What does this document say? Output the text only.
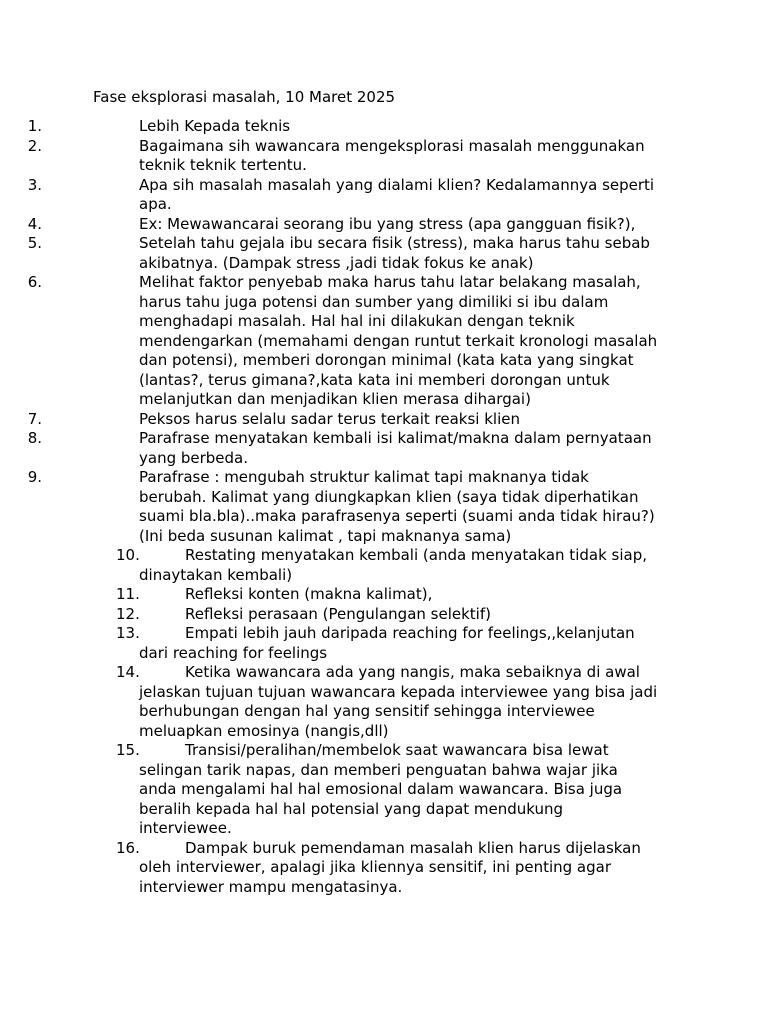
Fase eksplorasi masalah, 10 Maret 2025
1.	Lebih Kepada teknis
2.	Bagaimana sih wawancara mengeksplorasi masalah menggunakan
teknik teknik tertentu.
3.	Apa sih masalah masalah yang dialami klien? Kedalamannya seperti
apa.
4.	Ex: Mewawancarai seorang ibu yang stress (apa gangguan fisik?),
5.	Setelah tahu gejala ibu secara fisik (stress), maka harus tahu sebab
akibatnya. (Dampak stress ,jadi tidak fokus ke anak)
6.	Melihat faktor penyebab maka harus tahu latar belakang masalah,
harus tahu juga potensi dan sumber yang dimiliki si ibu dalam
menghadapi masalah. Hal hal ini dilakukan dengan teknik
mendengarkan (memahami dengan runtut terkait kronologi masalah
dan potensi), memberi dorongan minimal (kata kata yang singkat
(lantas?, terus gimana?,kata kata ini memberi dorongan untuk
melanjutkan dan menjadikan klien merasa dihargai)
7.	Peksos harus selalu sadar terus terkait reaksi klien
8.	Parafrase menyatakan kembali isi kalimat/makna dalam pernyataan
yang berbeda.
9.	Parafrase : mengubah struktur kalimat tapi maknanya tidak
berubah. Kalimat yang diungkapkan klien (saya tidak diperhatikan
suami bla.bla)..maka parafrasenya seperti (suami anda tidak hirau?)
(Ini beda susunan kalimat , tapi maknanya sama)
10.	Restating menyatakan kembali (anda menyatakan tidak siap,
dinaytakan kembali)
11.	Refleksi konten (makna kalimat),
12.	Refleksi perasaan (Pengulangan selektif)
13.	Empati lebih jauh daripada reaching for feelings,,kelanjutan
dari reaching for feelings
14.	Ketika wawancara ada yang nangis, maka sebaiknya di awal
jelaskan tujuan tujuan wawancara kepada interviewee yang bisa jadi
berhubungan dengan hal yang sensitif sehingga interviewee
meluapkan emosinya (nangis,dll)
15.	Transisi/peralihan/membelok saat wawancara bisa lewat
selingan tarik napas, dan memberi penguatan bahwa wajar jika
anda mengalami hal hal emosional dalam wawancara. Bisa juga
beralih kepada hal hal potensial yang dapat mendukung
interviewee.
16.	Dampak buruk pemendaman masalah klien harus dijelaskan
oleh interviewer, apalagi jika kliennya sensitif, ini penting agar
interviewer mampu mengatasinya.
